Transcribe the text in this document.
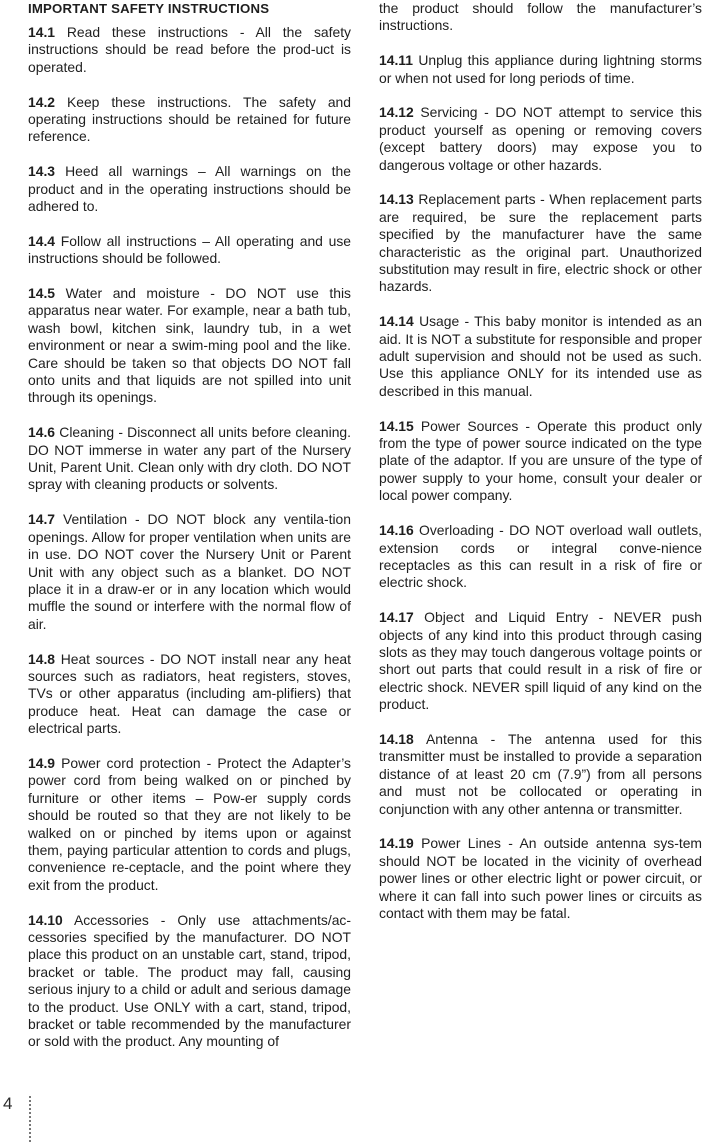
IMPORTANT SAFETY INSTRUCTIONS

14.1 Read these instructions - All the safety instructions should be read before the prod-uct is operated.

14.2 Keep these instructions. The safety and operating instructions should be retained for future reference.

14.3 Heed all warnings – All warnings on the product and in the operating instructions should be adhered to.

14.4 Follow all instructions – All operating and use instructions should be followed.

14.5 Water and moisture - DO NOT use this apparatus near water. For example, near a bath tub, wash bowl, kitchen sink, laundry tub, in a wet environment or near a swim-ming pool and the like. Care should be taken so that objects DO NOT fall onto units and that liquids are not spilled into unit through its openings.

14.6 Cleaning - Disconnect all units before cleaning. DO NOT immerse in water any part of the Nursery Unit, Parent Unit. Clean only with dry cloth. DO NOT spray with cleaning products or solvents.

14.7 Ventilation - DO NOT block any ventila-tion openings. Allow for proper ventilation when units are in use. DO NOT cover the Nursery Unit or Parent Unit with any object such as a blanket. DO NOT place it in a draw-er or in any location which would muffle the sound or interfere with the normal flow of air.

14.8 Heat sources - DO NOT install near any heat sources such as radiators, heat registers, stoves, TVs or other apparatus (including am-plifiers) that produce heat. Heat can damage the case or electrical parts.

14.9 Power cord protection - Protect the Adapter’s power cord from being walked on or pinched by furniture or other items – Pow-er supply cords should be routed so that they are not likely to be walked on or pinched by items upon or against them, paying particular attention to cords and plugs, convenience re-ceptacle, and the point where they exit from the product.

14.10 Accessories - Only use attachments/ac-cessories specified by the manufacturer. DO NOT place this product on an unstable cart, stand, tripod, bracket or table. The product may fall, causing serious injury to a child or adult and serious damage to the product. Use ONLY with a cart, stand, tripod, bracket or table recommended by the manufacturer or sold with the product. Any mounting of

the product should follow the manufacturer’s instructions.

14.11 Unplug this appliance during lightning storms or when not used for long periods of time.

14.12 Servicing - DO NOT attempt to service this product yourself as opening or removing covers (except battery doors) may expose you to dangerous voltage or other hazards.

14.13 Replacement parts - When replacement parts are required, be sure the replacement parts specified by the manufacturer have the same characteristic as the original part. Unauthorized substitution may result in fire, electric shock or other hazards.

14.14 Usage - This baby monitor is intended as an aid. It is NOT a substitute for responsible and proper adult supervision and should not be used as such. Use this appliance ONLY for its intended use as described in this manual.

14.15 Power Sources - Operate this product only from the type of power source indicated on the type plate of the adaptor. If you are unsure of the type of power supply to your home, consult your dealer or local power company.

14.16 Overloading - DO NOT overload wall outlets, extension cords or integral conve-nience receptacles as this can result in a risk of fire or electric shock.

14.17 Object and Liquid Entry - NEVER push objects of any kind into this product through casing slots as they may touch dangerous voltage points or short out parts that could result in a risk of fire or electric shock. NEVER spill liquid of any kind on the product.

14.18 Antenna - The antenna used for this transmitter must be installed to provide a separation distance of at least 20 cm (7.9”) from all persons and must not be collocated or operating in conjunction with any other antenna or transmitter.

14.19 Power Lines - An outside antenna sys-tem should NOT be located in the vicinity of overhead power lines or other electric light or power circuit, or where it can fall into such power lines or circuits as contact with them may be fatal.

4
